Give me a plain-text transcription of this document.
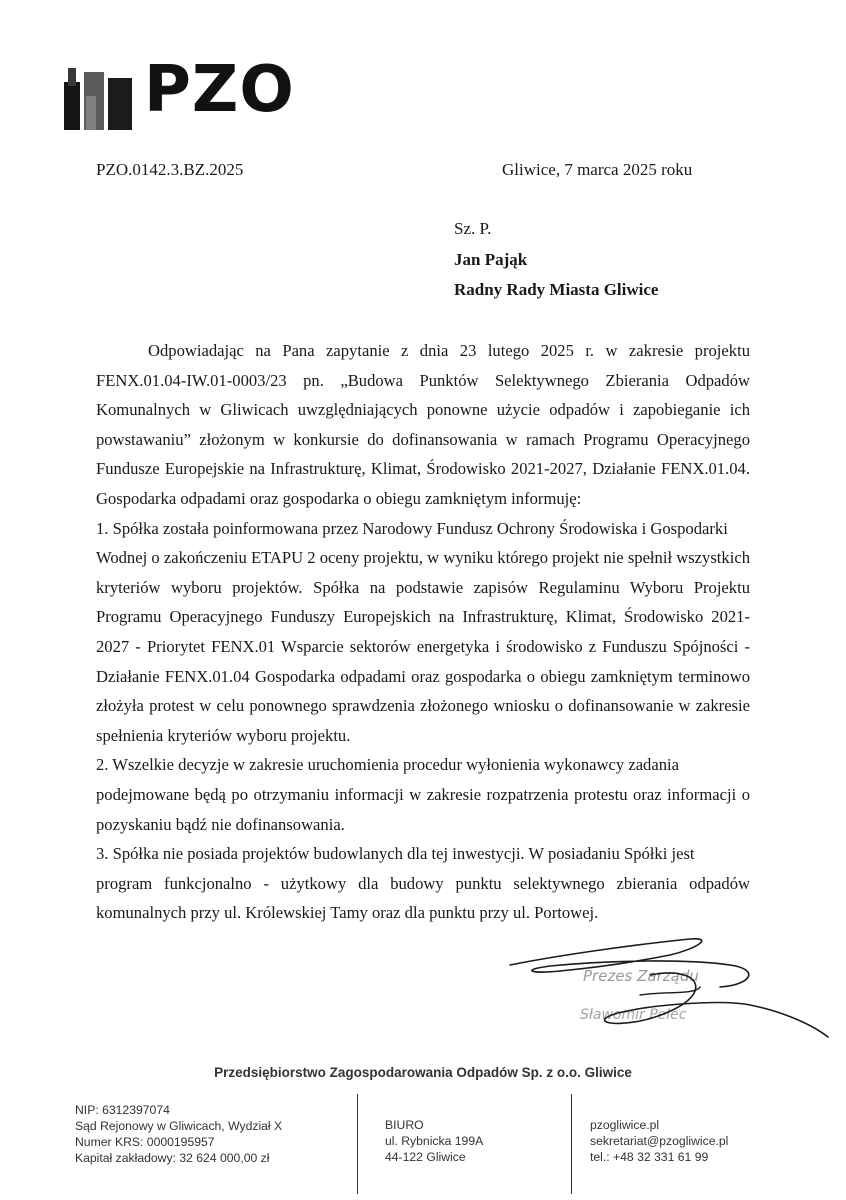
PZO
PZO.0142.3.BZ.2025	Gliwice, 7 marca 2025 roku
Sz. P.
Jan Pająk
Radny Rady Miasta Gliwice

Odpowiadając na Pana zapytanie z dnia 23 lutego 2025 r. w zakresie projektu FENX.01.04-IW.01-0003/23 pn. „Budowa Punktów Selektywnego Zbierania Odpadów Komunalnych w Gliwicach uwzględniających ponowne użycie odpadów i zapobieganie ich powstawaniu” złożonym w konkursie do dofinansowania w ramach Programu Operacyjnego Fundusze Europejskie na Infrastrukturę, Klimat, Środowisko 2021-2027, Działanie FENX.01.04. Gospodarka odpadami oraz gospodarka o obiegu zamkniętym informuję:

1. Spółka została poinformowana przez Narodowy Fundusz Ochrony Środowiska i Gospodarki

Wodnej o zakończeniu ETAPU 2 oceny projektu, w wyniku którego projekt nie spełnił wszystkich kryteriów wyboru projektów. Spółka na podstawie zapisów Regulaminu Wyboru Projektu Programu Operacyjnego Funduszy Europejskich na Infrastrukturę, Klimat, Środowisko 2021-2027 - Priorytet FENX.01 Wsparcie sektorów energetyka i środowisko z Funduszu Spójności - Działanie FENX.01.04 Gospodarka odpadami oraz gospodarka o obiegu zamkniętym terminowo złożyła protest w celu ponownego sprawdzenia złożonego wniosku o dofinansowanie w zakresie spełnienia kryteriów wyboru projektu.

2. Wszelkie decyzje w zakresie uruchomienia procedur wyłonienia wykonawcy zadania

podejmowane będą po otrzymaniu informacji w zakresie rozpatrzenia protestu oraz informacji o pozyskaniu bądź nie dofinansowania.

3. Spółka nie posiada projektów budowlanych dla tej inwestycji. W posiadaniu Spółki jest

program funkcjonalno - użytkowy dla budowy punktu selektywnego zbierania odpadów komunalnych przy ul. Królewskiej Tamy oraz dla punktu przy ul. Portowej.

Prezes Zarządu
Sławomir Pelec
Przedsiębiorstwo Zagospodarowania Odpadów Sp. z o.o. Gliwice
NIP: 6312397074
Sąd Rejonowy w Gliwicach, Wydział X
Numer KRS: 0000195957
Kapitał zakładowy: 32 624 000,00 zł
BIURO
ul. Rybnicka 199A
44-122 Gliwice
pzogliwice.pl
sekretariat@pzogliwice.pl
tel.: +48 32 331 61 99
